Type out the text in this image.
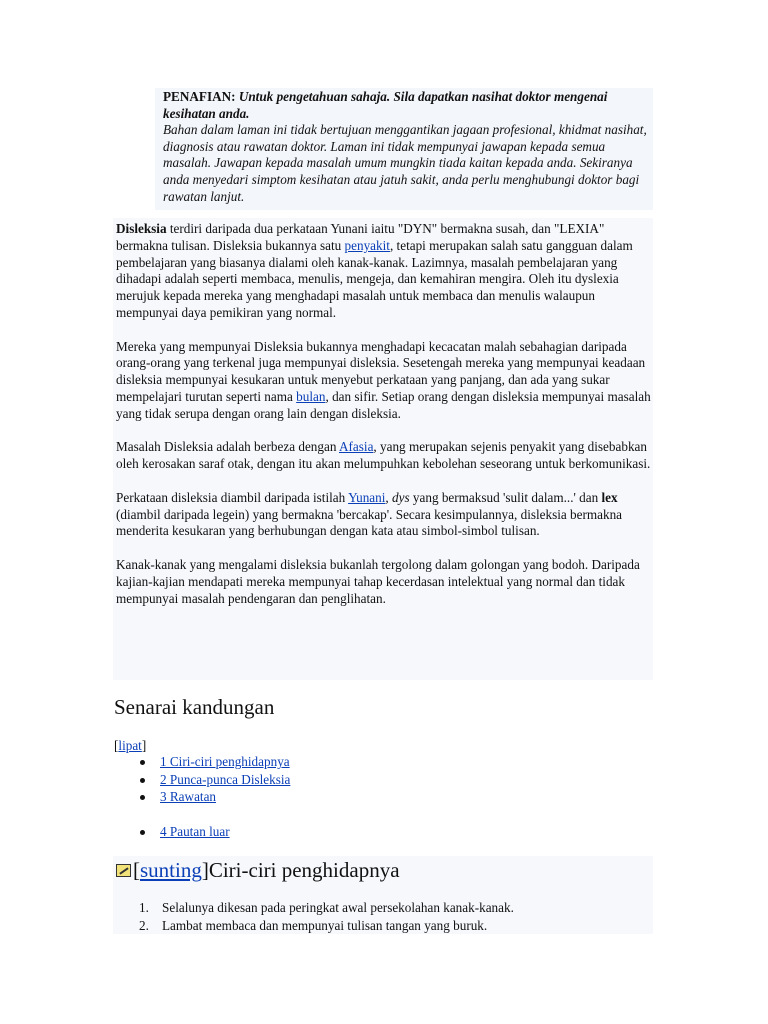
PENAFIAN: Untuk pengetahuan sahaja. Sila dapatkan nasihat doktor mengenai kesihatan anda.
Bahan dalam laman ini tidak bertujuan menggantikan jagaan profesional, khidmat nasihat, diagnosis atau rawatan doktor. Laman ini tidak mempunyai jawapan kepada semua masalah. Jawapan kepada masalah umum mungkin tiada kaitan kepada anda. Sekiranya anda menyedari simptom kesihatan atau jatuh sakit, anda perlu menghubungi doktor bagi rawatan lanjut.

Disleksia terdiri daripada dua perkataan Yunani iaitu "DYN" bermakna susah, dan "LEXIA" bermakna tulisan. Disleksia bukannya satu penyakit, tetapi merupakan salah satu gangguan dalam pembelajaran yang biasanya dialami oleh kanak-kanak. Lazimnya, masalah pembelajaran yang dihadapi adalah seperti membaca, menulis, mengeja, dan kemahiran mengira. Oleh itu dyslexia merujuk kepada mereka yang menghadapi masalah untuk membaca dan menulis walaupun mempunyai daya pemikiran yang normal.

Mereka yang mempunyai Disleksia bukannya menghadapi kecacatan malah sebahagian daripada orang-orang yang terkenal juga mempunyai disleksia. Sesetengah mereka yang mempunyai keadaan disleksia mempunyai kesukaran untuk menyebut perkataan yang panjang, dan ada yang sukar mempelajari turutan seperti nama bulan, dan sifir. Setiap orang dengan disleksia mempunyai masalah yang tidak serupa dengan orang lain dengan disleksia.

Masalah Disleksia adalah berbeza dengan Afasia, yang merupakan sejenis penyakit yang disebabkan oleh kerosakan saraf otak, dengan itu akan melumpuhkan kebolehan seseorang untuk berkomunikasi.

Perkataan disleksia diambil daripada istilah Yunani, dys yang bermaksud 'sulit dalam...' dan lex (diambil daripada legein) yang bermakna 'bercakap'. Secara kesimpulannya, disleksia bermakna menderita kesukaran yang berhubungan dengan kata atau simbol-simbol tulisan.

Kanak-kanak yang mengalami disleksia bukanlah tergolong dalam golongan yang bodoh. Daripada kajian-kajian mendapati mereka mempunyai tahap kecerdasan intelektual yang normal dan tidak mempunyai masalah pendengaran dan penglihatan.

Senarai kandungan
[lipat]
1 Ciri-ciri penghidapnya
2 Punca-punca Disleksia
3 Rawatan
4 Pautan luar
[ sunting ] Ciri-ciri penghidapnya
1. Selalunya dikesan pada peringkat awal persekolahan kanak-kanak.
2. Lambat membaca dan mempunyai tulisan tangan yang buruk.
